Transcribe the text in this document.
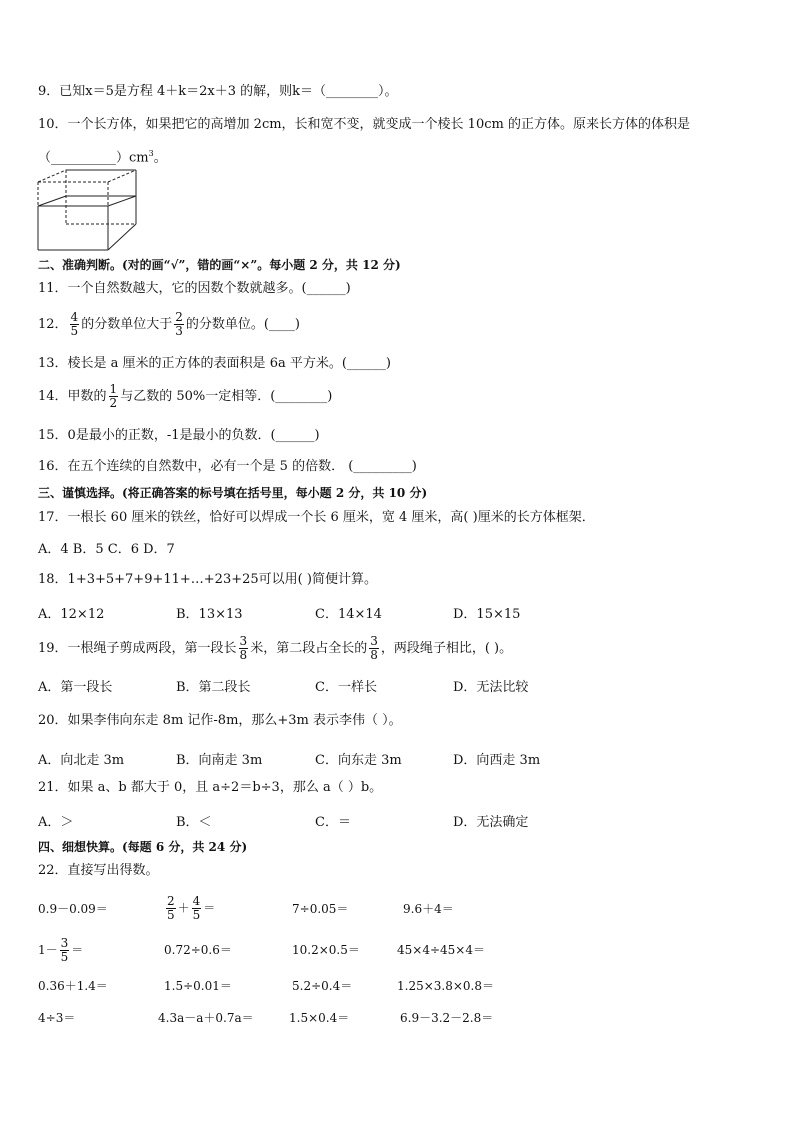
9．已知x＝5是方程 4＋k＝2x＋3 的解，则k＝（________）。
10．一个长方体，如果把它的高增加 2cm，长和宽不变，就变成一个棱长 10cm 的正方体。原来长方体的体积是
$(\_\_\_\_\_\_\_\_\_\_)cm^3$。
二、准确判断。(对的画“√”，错的画“×”。每小题 2 分，共 12 分)
11．一个自然数越大，它的因数个数就越多。(______)
12． $\frac{4}{5}$ 的分数单位大于 $\frac{2}{3}$ 的分数单位。(____)
13．棱长是 a 厘米的正方体的表面积是 6a 平方米。(______)
14．甲数的 $\frac{1}{2}$ 与乙数的 50%一定相等．(________)
15．0是最小的正数，-1是最小的负数．(______)
16．在五个连续的自然数中，必有一个是 5 的倍数． (_________)
三、谨慎选择。(将正确答案的标号填在括号里，每小题 2 分，共 10 分)
17．一根长 60 厘米的铁丝，恰好可以焊成一个长 6 厘米，宽 4 厘米，高( )厘米的长方体框架．
A．4 B．5 C．6 D．7
18．1+3+5+7+9+11+…+23+25可以用( )简便计算。
A．12×12	B．13×13	C．14×14	D．15×15
19．一根绳子剪成两段，第一段长 $\frac{3}{8}$ 米，第二段占全长的 $\frac{3}{8}$ ，两段绳子相比，( )。
A．第一段长	B．第二段长	C．一样长	D．无法比较
20．如果李伟向东走 8m 记作-8m，那么+3m 表示李伟（ ）。
A．向北走 3m	B．向南走 3m	C．向东走 3m	D．向西走 3m
21．如果 a、b 都大于 0，且 a÷2＝b÷3，那么 a（ ）b。
A．＞	B．＜	C．＝	D．无法确定
四、细想快算。(每题 6 分，共 24 分)
22．直接写出得数。
0.9－0.09＝	$\frac{2}{5} + \frac{4}{5}$ ＝	7÷0.05＝	9.6＋4＝
$1- \frac{3}{5}$ ＝	0.72÷0.6＝	10.2×0.5＝	45×4÷45×4＝
0.36＋1.4＝	1.5÷0.01＝	5.2÷0.4＝	1.25×3.8×0.8＝
4÷3＝	4.3a－a＋0.7a＝	1.5×0.4＝	6.9－3.2－2.8＝
